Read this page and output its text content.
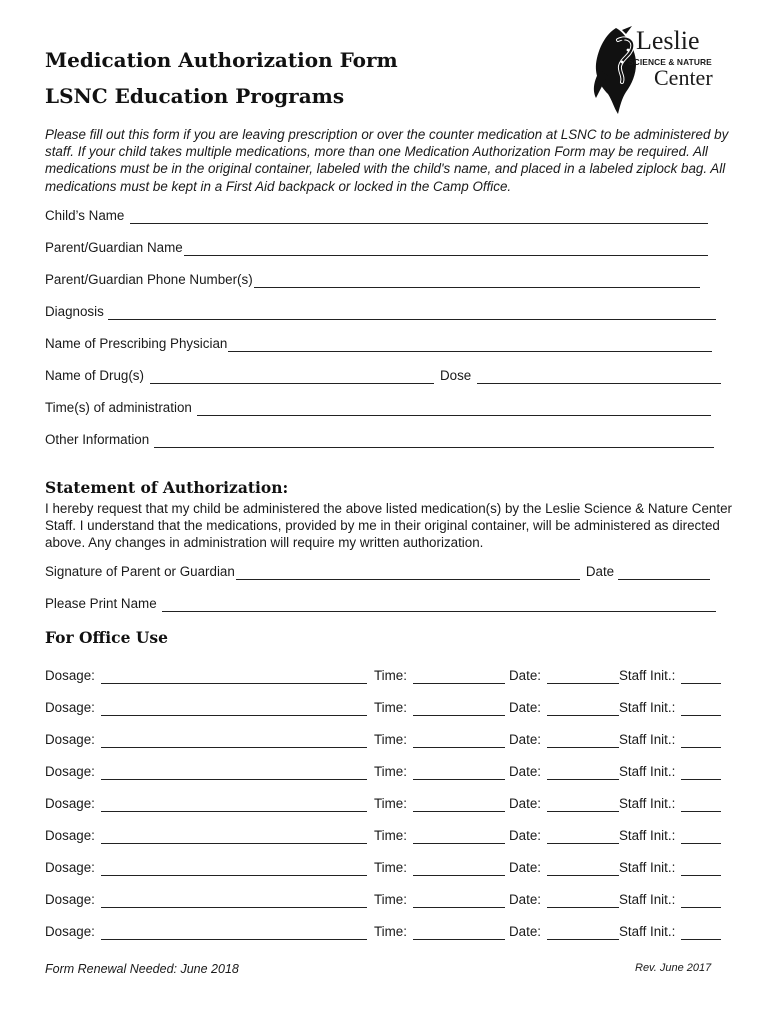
Medication Authorization Form
LSNC Education Programs
Leslie
SCIENCE & NATURE
Center

Please fill out this form if you are leaving prescription or over the counter medication at LSNC to be administered by staff. If your child takes multiple medications, more than one Medication Authorization Form may be required. All medications must be in the original container, labeled with the child's name, and placed in a labeled ziplock bag. All medications must be kept in a First Aid backpack or locked in the Camp Office.

Child’s Name
Parent/Guardian Name
Parent/Guardian Phone Number(s)
Diagnosis
Name of Prescribing Physician
Name of Drug(s)	Dose
Time(s) of administration
Other Information
Statement of Authorization:

I hereby request that my child be administered the above listed medication(s) by the Leslie Science & Nature Center Staff. I understand that the medications, provided by me in their original container, will be administered as directed above. Any changes in administration will require my written authorization.

Signature of Parent or Guardian	Date
Please Print Name
For Office Use
Dosage:	Time:	Date:	Staff Init.:
Dosage:	Time:	Date:	Staff Init.:
Dosage:	Time:	Date:	Staff Init.:
Dosage:	Time:	Date:	Staff Init.:
Dosage:	Time:	Date:	Staff Init.:
Dosage:	Time:	Date:	Staff Init.:
Dosage:	Time:	Date:	Staff Init.:
Dosage:	Time:	Date:	Staff Init.:
Dosage:	Time:	Date:	Staff Init.:
Form Renewal Needed: June 2018	Rev. June 2017
